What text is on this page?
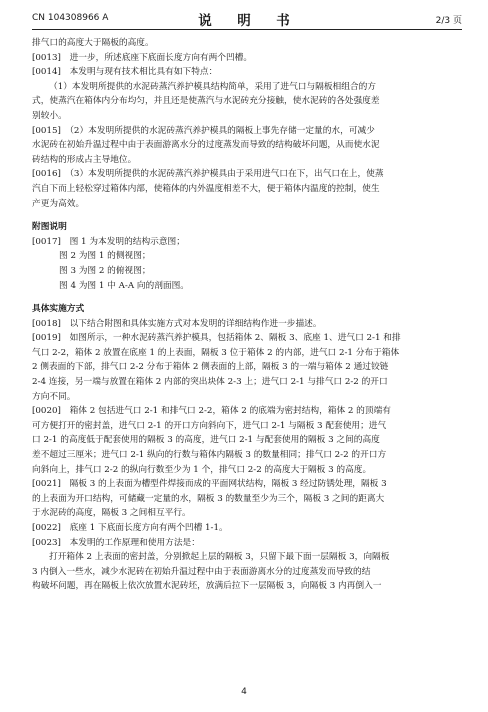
CN 104308966 A	说　明　书	2/3 页
排气口的高度大于隔板的高度。
[0013]　进一步，所述底座下底面长度方向有两个凹槽。
[0014]　本发明与现有技术相比具有如下特点：
（1）本发明所提供的水泥砖蒸汽养护模具结构简单，采用了进气口与隔板相组合的方
式，使蒸汽在箱体内分布均匀，并且还是使蒸汽与水泥砖充分接触，使水泥砖的各处强度差
别较小。
[0015]　（2）本发明所提供的水泥砖蒸汽养护模具的隔板上事先存储一定量的水，可减少
水泥砖在初始升温过程中由于表面游离水分的过度蒸发而导致的结构破坏问题，从而使水泥
砖结构的形成占主导地位。
[0016]　（3）本发明所提供的水泥砖蒸汽养护模具由于采用进气口在下，出气口在上，使蒸
汽自下而上轻松穿过箱体内部，使箱体的内外温度相差不大，便于箱体内温度的控制，使生
产更为高效。
附图说明
[0017]　图 1 为本发明的结构示意图；
图 2 为图 1 的侧视图；
图 3 为图 2 的俯视图；
图 4 为图 1 中 A-A 向的剖面图。
具体实施方式
[0018]　以下结合附图和具体实施方式对本发明的详细结构作进一步描述。
[0019]　如图所示，一种水泥砖蒸汽养护模具，包括箱体 2、隔板 3、底座 1、进气口 2-1 和排
气口 2-2，箱体 2 放置在底座 1 的上表面，隔板 3 位于箱体 2 的内部，进气口 2-1 分布于箱体
2 侧表面的下部，排气口 2-2 分布于箱体 2 侧表面的上部，隔板 3 的一端与箱体 2 通过铰链
2-4 连接，另一端与放置在箱体 2 内部的突出块体 2-3 上；进气口 2-1 与排气口 2-2 的开口
方向不同。
[0020]　箱体 2 包括进气口 2-1 和排气口 2-2，箱体 2 的底端为密封结构，箱体 2 的顶端有
可方便打开的密封盖，进气口 2-1 的开口方向斜向下，进气口 2-1 与隔板 3 配套使用；进气
口 2-1 的高度低于配套使用的隔板 3 的高度，进气口 2-1 与配套使用的隔板 3 之间的高度
差不超过三厘米；进气口 2-1 纵向的行数与箱体内隔板 3 的数量相同；排气口 2-2 的开口方
向斜向上，排气口 2-2 的纵向行数至少为 1 个，排气口 2-2 的高度大于隔板 3 的高度。
[0021]　隔板 3 的上表面为槽型件焊接而成的平面网状结构，隔板 3 经过防锈处理，隔板 3
的上表面为开口结构，可储藏一定量的水，隔板 3 的数量至少为三个，隔板 3 之间的距离大
于水泥砖的高度，隔板 3 之间相互平行。
[0022]　底座 1 下底面长度方向有两个凹槽 1-1。
[0023]　本发明的工作原理和使用方法是：
打开箱体 2 上表面的密封盖，分别掀起上层的隔板 3，只留下最下面一层隔板 3，向隔板
3 内倒入一些水，减少水泥砖在初始升温过程中由于表面游离水分的过度蒸发而导致的结
构破坏问题，再在隔板上依次放置水泥砖坯，放满后拉下一层隔板 3，向隔板 3 内再倒入一
4
